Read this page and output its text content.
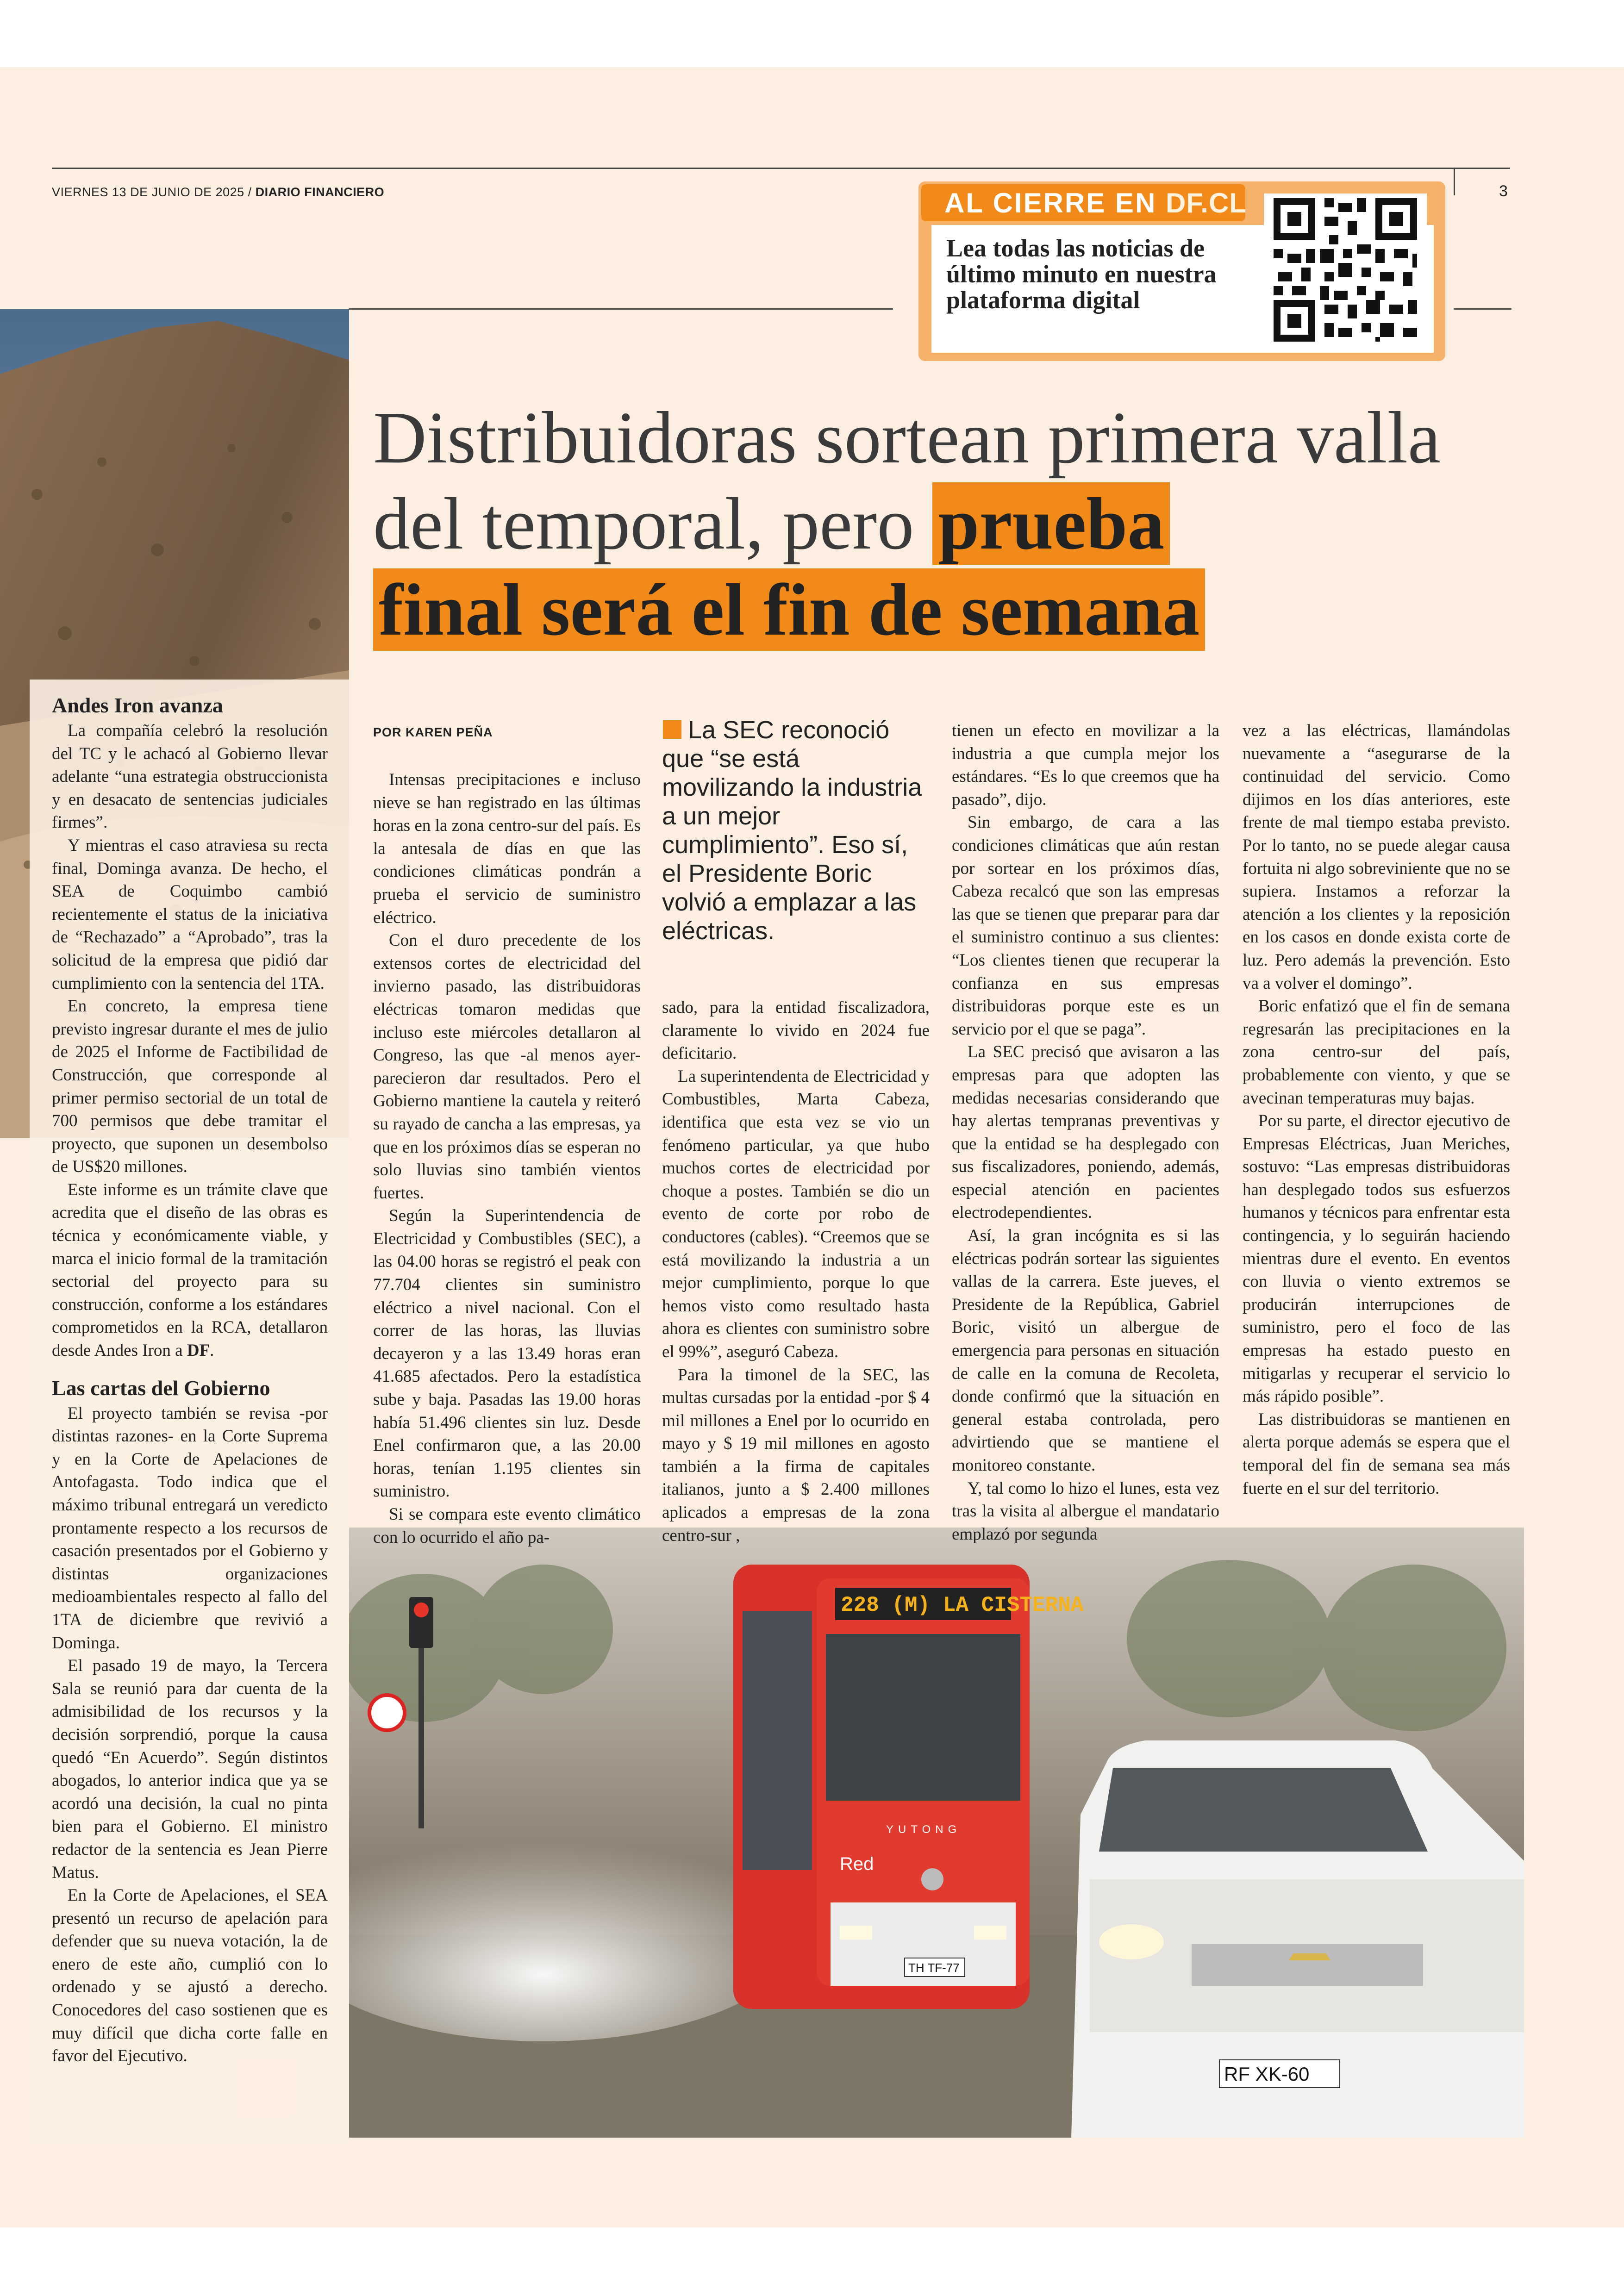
VIERNES 13 DE JUNIO DE 2025 / DIARIO FINANCIERO	3
AL CIERRE EN DF.CL
Lea todas las noticias de último minuto en nuestra plataforma digital
228 (M) LA CISTERNA
YUTONG
Red
TH TF-77
RF XK-60
Distribuidoras sortean primera valla del temporal, pero prueba
final será el fin de semana
Andes Iron avanza

La compañía celebró la resolución del TC y le achacó al Gobierno llevar adelante “una estrategia obstruccionista y en desacato de sentencias judiciales firmes”.

Y mientras el caso atraviesa su recta final, Dominga avanza. De hecho, el SEA de Coquimbo cambió recientemente el status de la iniciativa de “Rechazado” a “Aprobado”, tras la solicitud de la empresa que pidió dar cumplimiento con la sentencia del 1TA.

En concreto, la empresa tiene previsto ingresar durante el mes de julio de 2025 el Informe de Factibilidad de Construcción, que corresponde al primer permiso sectorial de un total de 700 permisos que debe tramitar el proyecto, que suponen un desembolso de US$20 millones.

Este informe es un trámite clave que acredita que el diseño de las obras es técnica y económicamente viable, y marca el inicio formal de la tramitación sectorial del proyecto para su construcción, conforme a los estándares comprometidos en la RCA, detallaron desde Andes Iron a DF.

Las cartas del Gobierno

El proyecto también se revisa -por distintas razones- en la Corte Suprema y en la Corte de Apelaciones de Antofagasta. Todo indica que el máximo tribunal entregará un veredicto prontamente respecto a los recursos de casación presentados por el Gobierno y distintas organizaciones medioambientales respecto al fallo del 1TA de diciembre que revivió a Dominga.

El pasado 19 de mayo, la Tercera Sala se reunió para dar cuenta de la admisibilidad de los recursos y la decisión sorprendió, porque la causa quedó “En Acuerdo”. Según distintos abogados, lo anterior indica que ya se acordó una decisión, la cual no pinta bien para el Gobierno. El ministro redactor de la sentencia es Jean Pierre Matus.

En la Corte de Apelaciones, el SEA presentó un recurso de apelación para defender que su nueva votación, la de enero de este año, cumplió con lo ordenado y se ajustó a derecho. Conocedores del caso sostienen que es muy difícil que dicha corte falle en favor del Ejecutivo.

POR KAREN PEÑA	La SEC reconoció que “se está movilizando la industria a un mejor cumplimiento”. Eso sí, el Presidente Boric volvió a emplazar a las eléctricas.

Intensas precipitaciones e incluso nieve se han registrado en las últimas horas en la zona centro-sur del país. Es la antesala de días en que las condiciones climáticas pondrán a prueba el servicio de suministro eléctrico.

Con el duro precedente de los extensos cortes de electricidad del invierno pasado, las distribuidoras eléctricas tomaron medidas que incluso este miércoles detallaron al Congreso, las que -al menos ayer- parecieron dar resultados. Pero el Gobierno mantiene la cautela y reiteró su rayado de cancha a las empresas, ya que en los próximos días se esperan no solo lluvias sino también vientos fuertes.

Según la Superintendencia de Electricidad y Combustibles (SEC), a las 04.00 horas se registró el peak con 77.704 clientes sin suministro eléctrico a nivel nacional. Con el correr de las horas, las lluvias decayeron y a las 13.49 horas eran 41.685 afectados. Pero la estadística sube y baja. Pasadas las 19.00 horas había 51.496 clientes sin luz. Desde Enel confirmaron que, a las 20.00 horas, tenían 1.195 clientes sin suministro.

Si se compara este evento climático con lo ocurrido el año pa-

sado, para la entidad fiscalizadora, claramente lo vivido en 2024 fue deficitario.

La superintendenta de Electricidad y Combustibles, Marta Cabeza, identifica que esta vez se vio un fenómeno particular, ya que hubo muchos cortes de electricidad por choque a postes. También se dio un evento de corte por robo de conductores (cables). “Creemos que se está movilizando la industria a un mejor cumplimiento, porque lo que hemos visto como resultado hasta ahora es clientes con suministro sobre el 99%”, aseguró Cabeza.

Para la timonel de la SEC, las multas cursadas por la entidad -por $ 4 mil millones a Enel por lo ocurrido en mayo y $ 19 mil millones en agosto también a la firma de capitales italianos, junto a $ 2.400 millones aplicados a empresas de la zona centro-sur ,

tienen un efecto en movilizar a la industria a que cumpla mejor los estándares. “Es lo que creemos que ha pasado”, dijo.

Sin embargo, de cara a las condiciones climáticas que aún restan por sortear en los próximos días, Cabeza recalcó que son las empresas las que se tienen que preparar para dar el suministro continuo a sus clientes: “Los clientes tienen que recuperar la confianza en sus empresas distribuidoras porque este es un servicio por el que se paga”.

La SEC precisó que avisaron a las empresas para que adopten las medidas necesarias considerando que hay alertas tempranas preventivas y que la entidad se ha desplegado con sus fiscalizadores, poniendo, además, especial atención en pacientes electrodependientes.

Así, la gran incógnita es si las eléctricas podrán sortear las siguientes vallas de la carrera. Este jueves, el Presidente de la República, Gabriel Boric, visitó un albergue de emergencia para personas en situación de calle en la comuna de Recoleta, donde confirmó que la situación en general estaba controlada, pero advirtiendo que se mantiene el monitoreo constante.

Y, tal como lo hizo el lunes, esta vez tras la visita al albergue el mandatario emplazó por segunda

vez a las eléctricas, llamándolas nuevamente a “asegurarse de la continuidad del servicio. Como dijimos en los días anteriores, este frente de mal tiempo estaba previsto. Por lo tanto, no se puede alegar causa fortuita ni algo sobreviniente que no se supiera. Instamos a reforzar la atención a los clientes y la reposición en los casos en donde exista corte de luz. Pero además la prevención. Esto va a volver el domingo”.

Boric enfatizó que el fin de semana regresarán las precipitaciones en la zona centro-sur del país, probablemente con viento, y que se avecinan temperaturas muy bajas.

Por su parte, el director ejecutivo de Empresas Eléctricas, Juan Meriches, sostuvo: “Las empresas distribuidoras han desplegado todos sus esfuerzos humanos y técnicos para enfrentar esta contingencia, y lo seguirán haciendo mientras dure el evento. En eventos con lluvia o viento extremos se producirán interrupciones de suministro, pero el foco de las empresas ha estado puesto en mitigarlas y recuperar el servicio lo más rápido posible”.

Las distribuidoras se mantienen en alerta porque además se espera que el temporal del fin de semana sea más fuerte en el sur del territorio.
